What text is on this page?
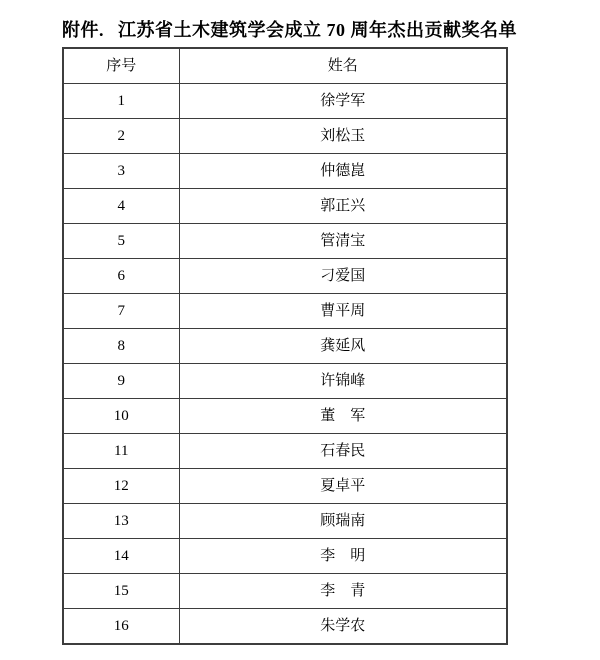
附件. 江苏省土木建筑学会成立 70 周年杰出贡献奖名单
序号	姓名
1	徐学军
2	刘松玉
3	仲德崑
4	郭正兴
5	管清宝
6	刁爱国
7	曹平周
8	龚延风
9	许锦峰
10	董　军
11	石春民
12	夏卓平
13	顾瑞南
14	李　明
15	李　青
16	朱学农
